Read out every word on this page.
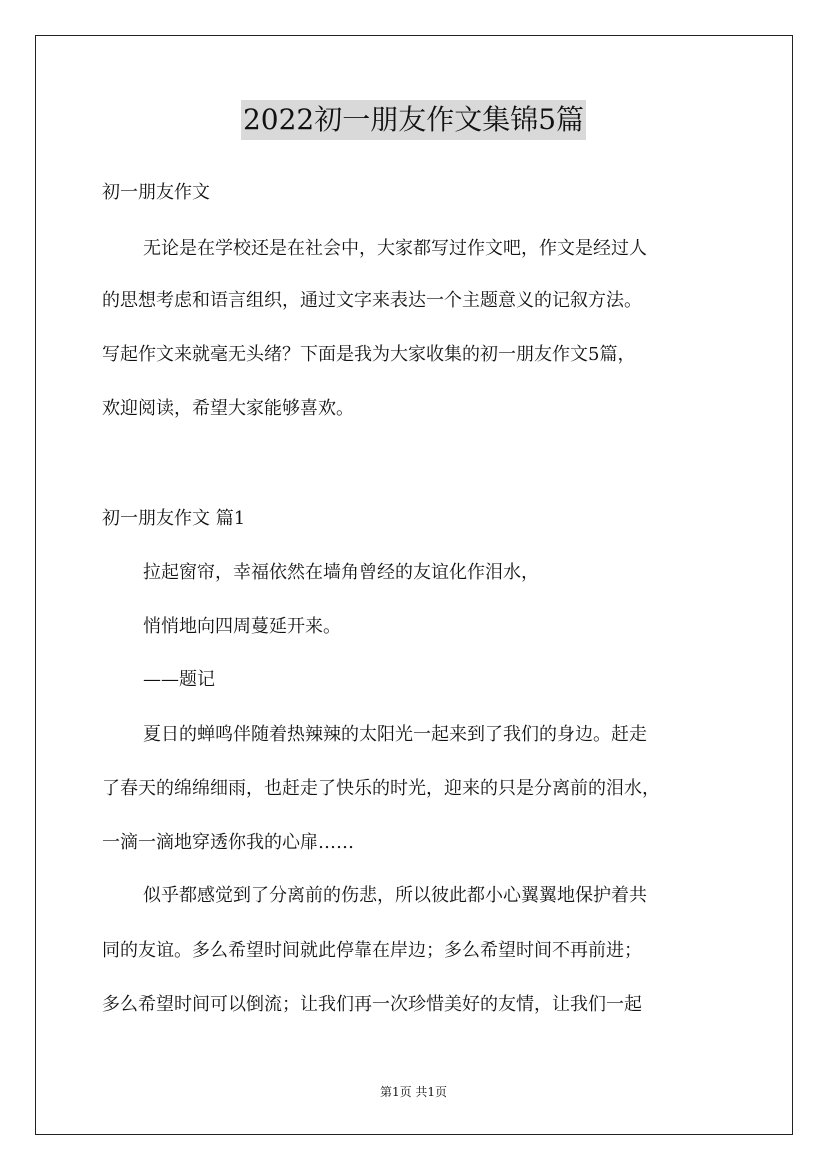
2022初一朋友作文集锦5篇
初一朋友作文
无论是在学校还是在社会中，大家都写过作文吧，作文是经过人
的思想考虑和语言组织，通过文字来表达一个主题意义的记叙方法。
写起作文来就毫无头绪？下面是我为大家收集的初一朋友作文5篇，
欢迎阅读，希望大家能够喜欢。
初一朋友作文 篇1
拉起窗帘，幸福依然在墙角曾经的友谊化作泪水，
悄悄地向四周蔓延开来。
——题记
夏日的蝉鸣伴随着热辣辣的太阳光一起来到了我们的身边。赶走
了春天的绵绵细雨，也赶走了快乐的时光，迎来的只是分离前的泪水，
一滴一滴地穿透你我的心扉……
似乎都感觉到了分离前的伤悲，所以彼此都小心翼翼地保护着共
同的友谊。多么希望时间就此停靠在岸边；多么希望时间不再前进；
多么希望时间可以倒流；让我们再一次珍惜美好的友情，让我们一起
第1页 共1页
